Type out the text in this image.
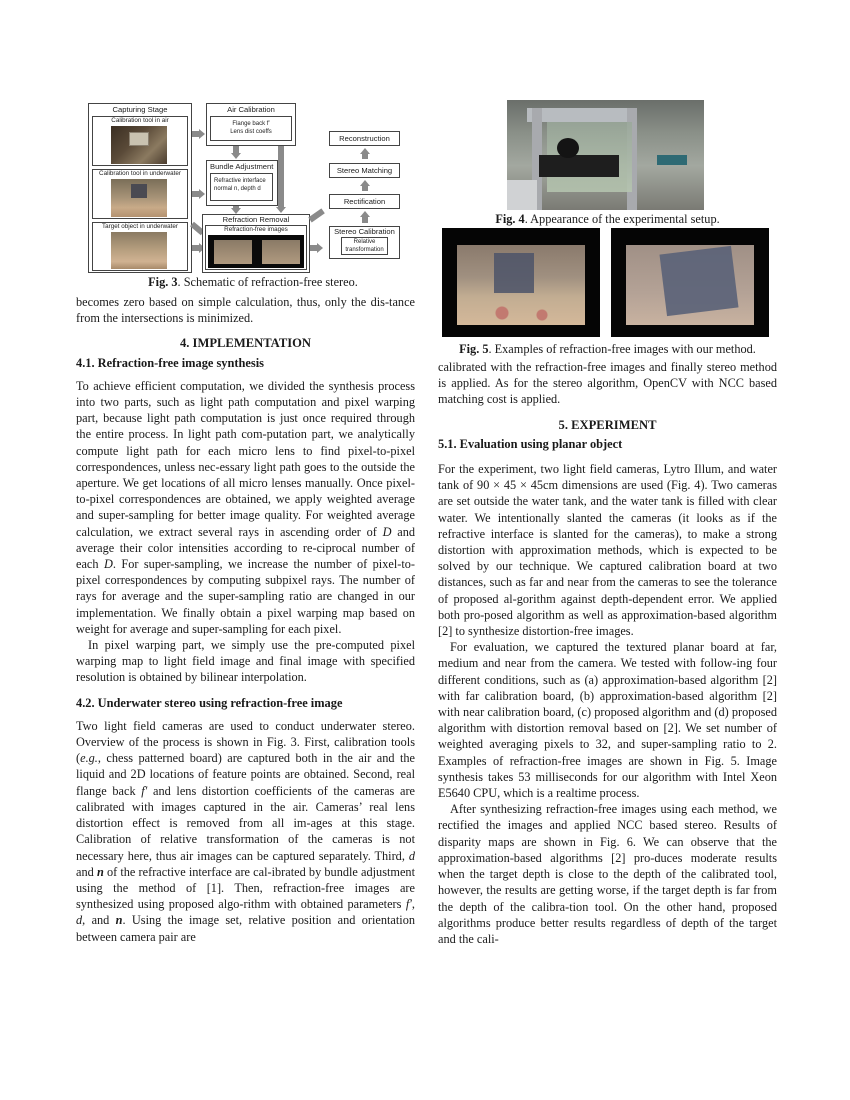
Capturing Stage
Calibration tool in air
Calibration tool in underwater
Target object in underwater
Air Calibration
Flange back f′
Lens dist coeffs
Bundle Adjustment
Refractive interface
normal n, depth d
Refraction Removal
Refraction-free images
Reconstruction
Stereo Matching
Rectification
Stereo Calibration
Relative
transformation
Fig. 3. Schematic of refraction-free stereo.
Fig. 4. Appearance of the experimental setup.
Fig. 5. Examples of refraction-free images with our method.

becomes zero based on simple calculation, thus, only the dis-tance from the intersections is minimized.

4. IMPLEMENTATION
4.1. Refraction-free image synthesis

To achieve efficient computation, we divided the synthesis process into two parts, such as light path computation and pixel warping part, because light path computation is just once required through the entire process. In light path com-putation part, we analytically compute light path for each micro lens to find pixel-to-pixel correspondences, unless nec-essary light path goes to the outside the aperture. We get locations of all micro lenses manually. Once pixel-to-pixel correspondences are obtained, we apply weighted average and super-sampling for better image quality. For weighted average calculation, we extract several rays in ascending order of D and average their color intensities according to re-ciprocal number of each D. For super-sampling, we increase the number of pixel-to-pixel correspondences by computing subpixel rays. The number of rays for average and the super-sampling ratio are changed in our implementation. We finally obtain a pixel warping map based on weight for average and super-sampling for each pixel.

In pixel warping part, we simply use the pre-computed pixel warping map to light field image and final image with specified resolution is obtained by bilinear interpolation.

4.2. Underwater stereo using refraction-free image

Two light field cameras are used to conduct underwater stereo. Overview of the process is shown in Fig. 3. First, calibration tools (e.g., chess patterned board) are captured both in the air and the liquid and 2D locations of feature points are obtained. Second, real flange back f′ and lens distortion coefficients of the cameras are calibrated with images captured in the air. Cameras’ real lens distortion effect is removed from all im-ages at this stage. Calibration of relative transformation of the cameras is not necessary here, thus air images can be captured separately. Third, d and n of the refractive interface are cal-ibrated by bundle adjustment using the method of [1]. Then, refraction-free images are synthesized using proposed algo-rithm with obtained parameters f′, d, and n. Using the image set, relative position and orientation between camera pair are

calibrated with the refraction-free images and finally stereo method is applied. As for the stereo algorithm, OpenCV with NCC based matching cost is applied.

5. EXPERIMENT
5.1. Evaluation using planar object

For the experiment, two light field cameras, Lytro Illum, and water tank of 90 × 45 × 45cm dimensions are used (Fig. 4). Two cameras are set outside the water tank, and the water tank is filled with clear water. We intentionally slanted the cameras (it looks as if the refractive interface is slanted for the cameras), to make a strong distortion with approximation methods, which is expected to be solved by our technique. We captured calibration board at two distances, such as far and near from the cameras to see the tolerance of proposed al-gorithm against depth-dependent error. We applied both pro-posed algorithm as well as approximation-based algorithm [2] to synthesize distortion-free images.

For evaluation, we captured the textured planar board at far, medium and near from the camera. We tested with follow-ing four different conditions, such as (a) approximation-based algorithm [2] with far calibration board, (b) approximation-based algorithm [2] with near calibration board, (c) proposed algorithm and (d) proposed algorithm with distortion removal based on [2]. We set number of weighted averaging pixels to 32, and super-sampling ratio to 2. Examples of refraction-free images are shown in Fig. 5. Image synthesis takes 53 milliseconds for our algorithm with Intel Xeon E5640 CPU, which is a realtime process.

After synthesizing refraction-free images using each method, we rectified the images and applied NCC based stereo. Results of disparity maps are shown in Fig. 6. We can observe that the approximation-based algorithms [2] pro-duces moderate results when the target depth is close to the depth of the calibrated tool, however, the results are getting worse, if the target depth is far from the depth of the calibra-tion tool. On the other hand, proposed algorithms produce better results regardless of depth of the target and the cali-
